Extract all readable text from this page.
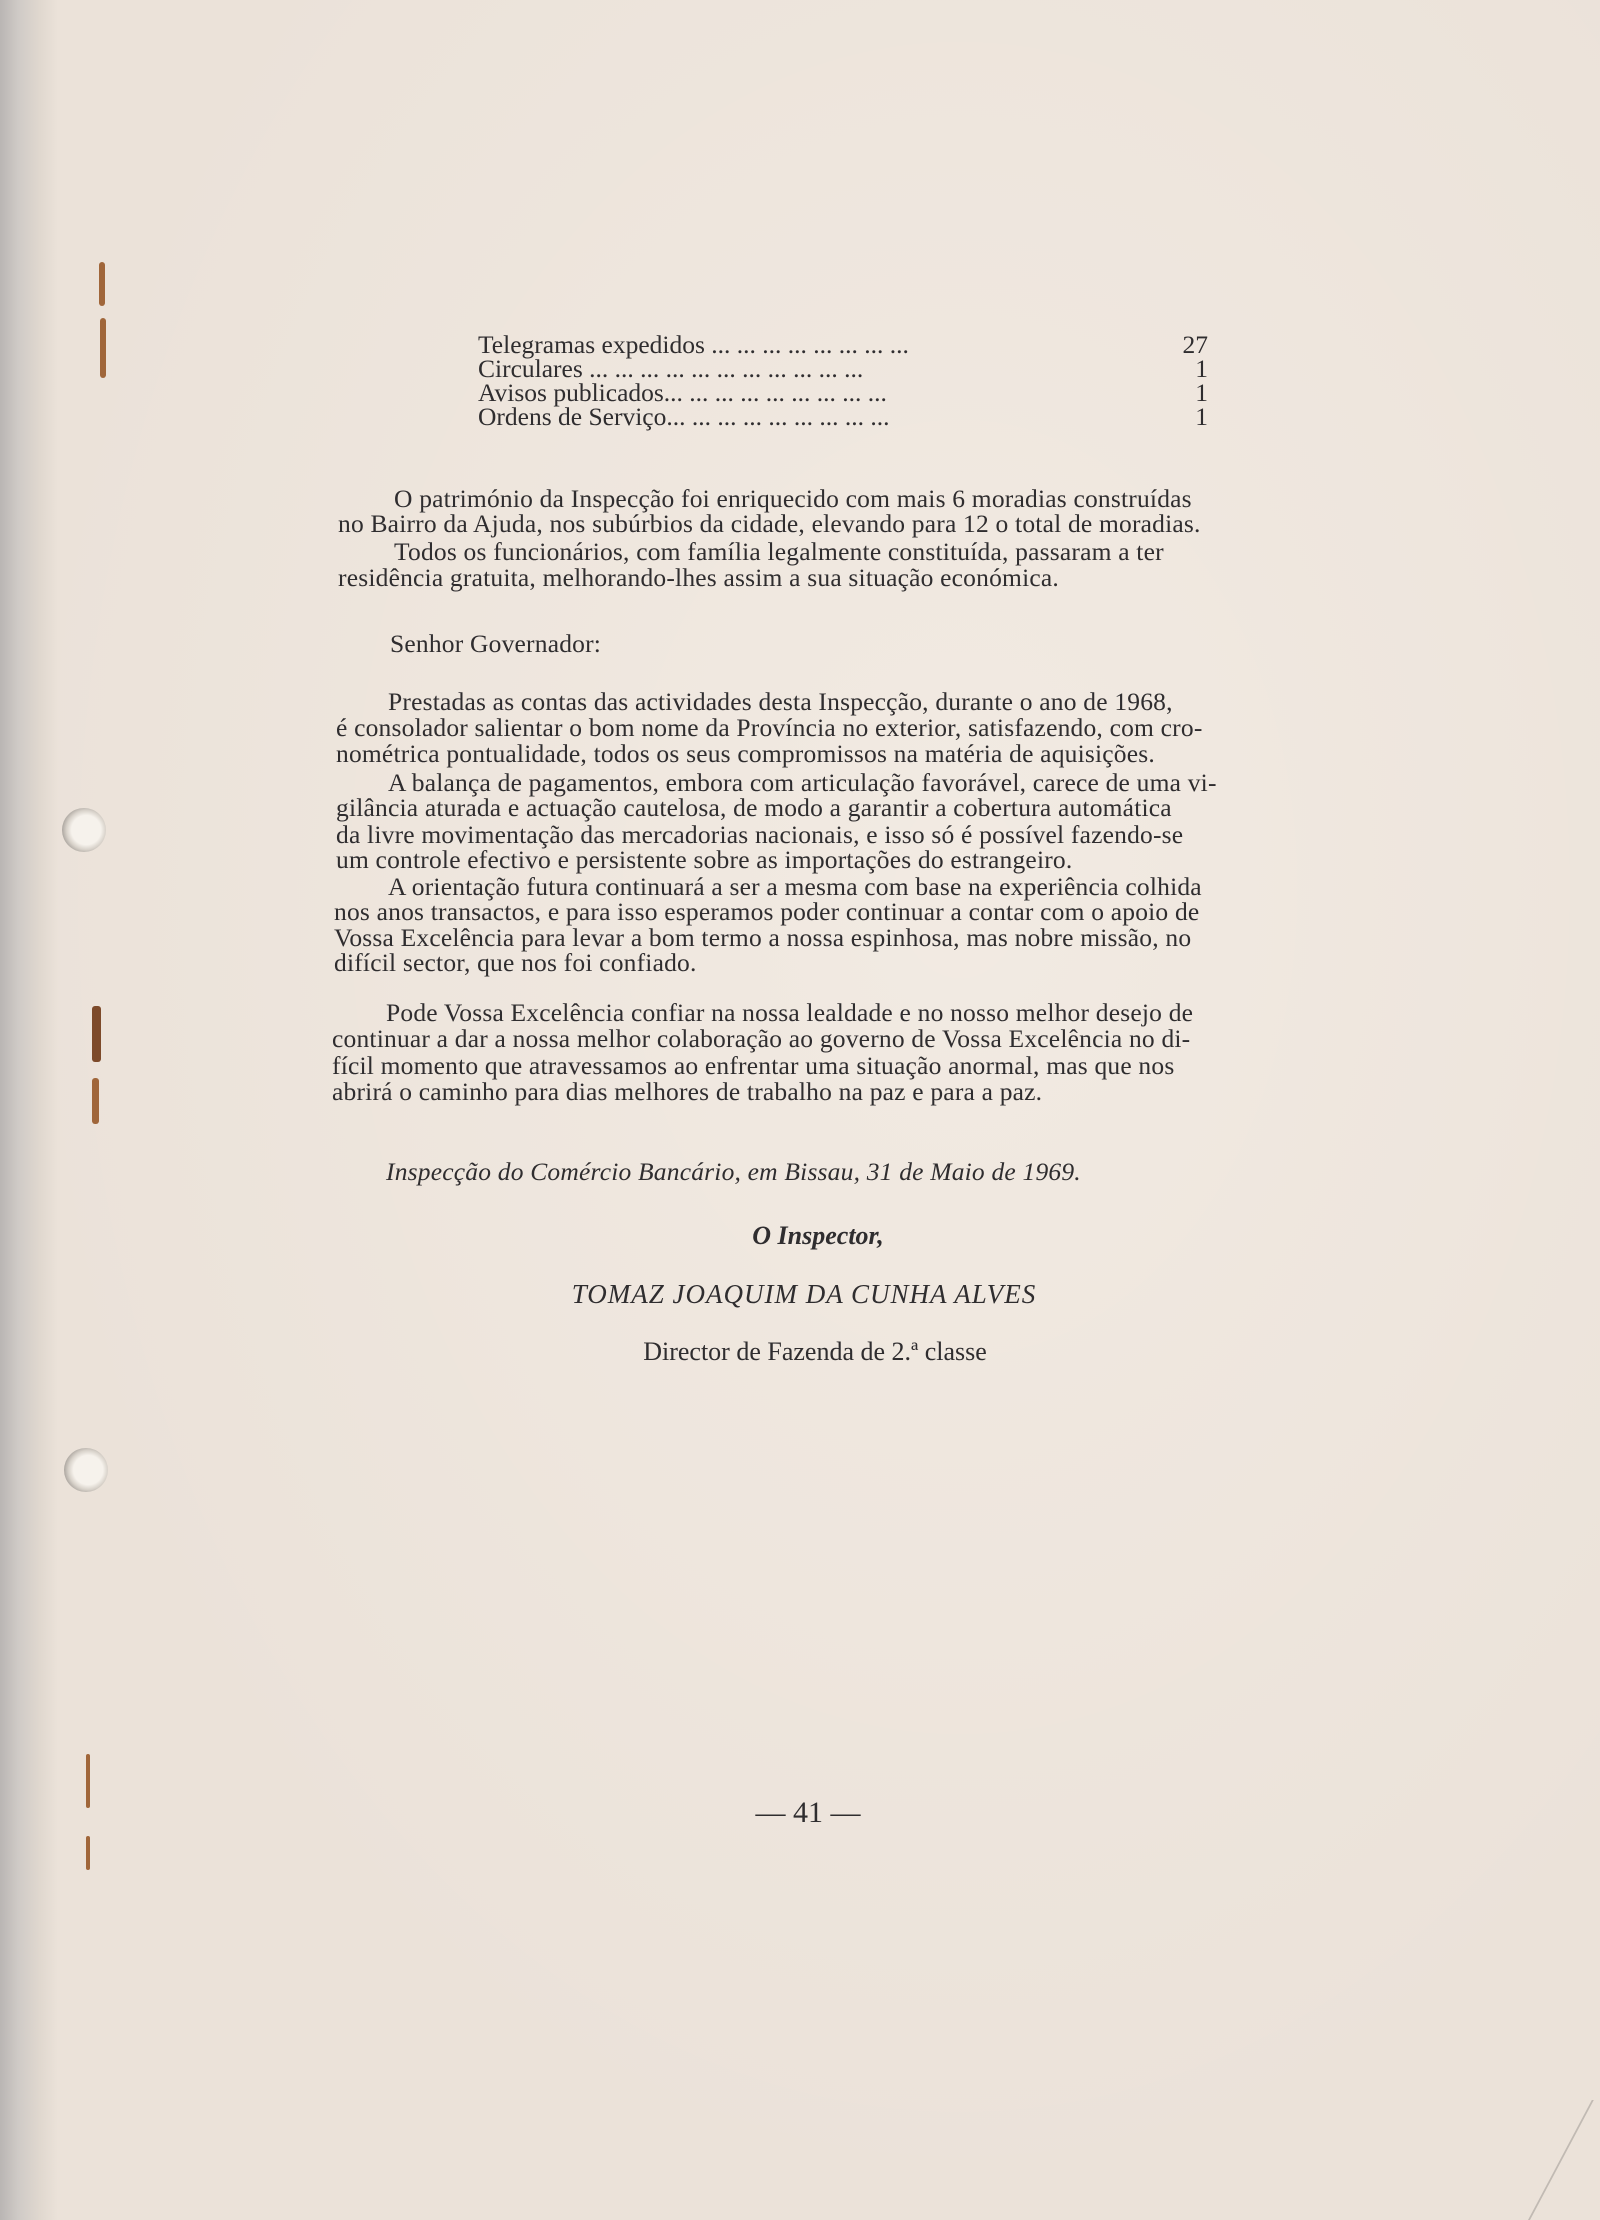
Telegramas expedidos ... ... ... ... ... ... ... ...	27
Circulares ... ... ... ... ... ... ... ... ... ... ...	1
Avisos publicados... ... ... ... ... ... ... ... ...	1
Ordens de Serviço... ... ... ... ... ... ... ... ...	1
O património da Inspecção foi enriquecido com mais 6 moradias construídas
no Bairro da Ajuda, nos subúrbios da cidade, elevando para 12 o total de moradias.
Todos os funcionários, com família legalmente constituída, passaram a ter
residência gratuita, melhorando-lhes assim a sua situação económica.
Senhor Governador:
Prestadas as contas das actividades desta Inspecção, durante o ano de 1968,
é consolador salientar o bom nome da Província no exterior, satisfazendo, com cro-
nométrica pontualidade, todos os seus compromissos na matéria de aquisições.
A balança de pagamentos, embora com articulação favorável, carece de uma vi-
gilância aturada e actuação cautelosa, de modo a garantir a cobertura automática
da livre movimentação das mercadorias nacionais, e isso só é possível fazendo-se
um controle efectivo e persistente sobre as importações do estrangeiro.
A orientação futura continuará a ser a mesma com base na experiência colhida
nos anos transactos, e para isso esperamos poder continuar a contar com o apoio de
Vossa Excelência para levar a bom termo a nossa espinhosa, mas nobre missão, no
difícil sector, que nos foi confiado.
Pode Vossa Excelência confiar na nossa lealdade e no nosso melhor desejo de
continuar a dar a nossa melhor colaboração ao governo de Vossa Excelência no di-
fícil momento que atravessamos ao enfrentar uma situação anormal, mas que nos
abrirá o caminho para dias melhores de trabalho na paz e para a paz.
Inspecção do Comércio Bancário, em Bissau, 31 de Maio de 1969.
O Inspector,
TOMAZ JOAQUIM DA CUNHA ALVES
Director de Fazenda de 2.ª classe
— 41 —
